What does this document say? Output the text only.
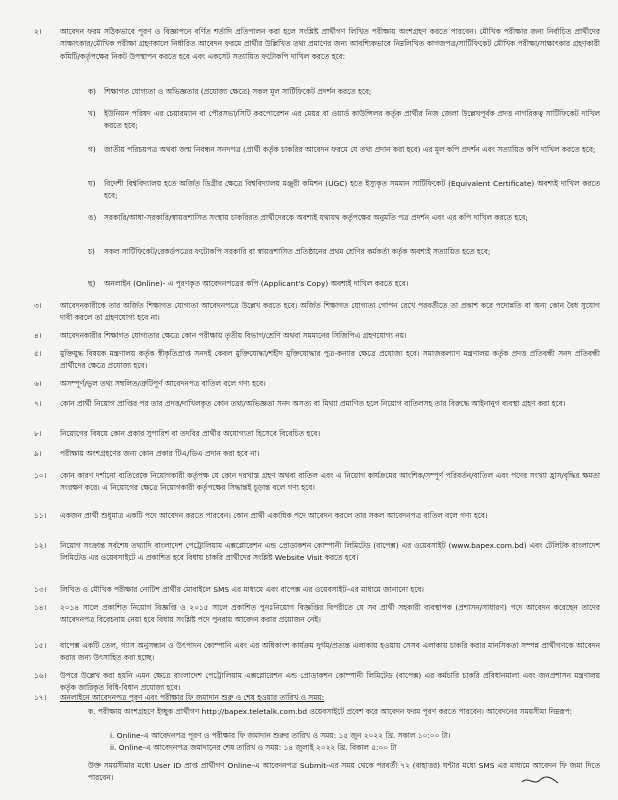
২।	আবেদন ফরম সঠিকভাবে পূরণ ও বিজ্ঞাপনে বর্ণিত শর্তাদি প্রতিপালন করা হলে সংশ্লিষ্ট প্রার্থীগণ লিখিত পরীক্ষায় অংশগ্রহণ করতে পারবেন। মৌখিক পরীক্ষার জন্য নির্বাচিত প্রার্থীদের সাক্ষাৎকার/মৌখিক পরীক্ষা গ্রহণকালে নির্ধারিত আবেদন ফরমে প্রার্থীর উল্লিখিত তথ্য প্রমাণের জন্য আবশ্যিকভাবে নিম্নলিখিত কাগজপত্র/সার্টিফিকেট মৌখিক পরীক্ষা/সাক্ষাৎকার গ্রহণকারী কমিটি/কর্তৃপক্ষের নিকট উপস্থাপন করতে হবে এবং একসেট সত্যায়িত ফটোকপি দাখিল করতে হবে:
ক)	শিক্ষাগত যোগ্যতা ও অভিজ্ঞতার (প্রযোজ্য ক্ষেত্রে) সকল মূল সার্টিফিকেট প্রদর্শন করতে হবে;
খ)	ইউনিয়ন পরিষদ এর চেয়ারম্যান বা পৌরসভা/সিটি করপোরেশন এর মেয়র বা ওয়ার্ড কাউন্সিলর কর্তৃক প্রার্থীর নিজ জেলা উল্লেখপূর্বক প্রদত্ত নাগরিকত্ব সার্টিফিকেট দাখিল করতে হবে;
গ)	জাতীয় পরিচয়পত্র অথবা জন্ম নিবন্ধন সনদপত্র (প্রার্থী কর্তৃক চাকরির আবেদন ফরমে যে তথ্য প্রদান করা হবে) এর মূল কপি প্রদর্শন এবং সত্যায়িত কপি দাখিল করতে হবে;
ঘ)	বিদেশী বিশ্ববিদ্যালয় হতে অর্জিত ডিগ্রীর ক্ষেত্রে বিশ্ববিদ্যালয় মঞ্জুরী কমিশন (UGC) হতে ইস্যুকৃত সমমান সার্টিফিকেট (Equivalent Certificate) অবশ্যই দাখিল করতে হবে;
ঙ)	সরকারি/আধা-সরকারি/স্বায়ত্তশাসিত সংস্থায় চাকরিরত প্রার্থীদেরকে অবশ্যই যথাযথ কর্তৃপক্ষের অনুমতি পত্র প্রদর্শন এবং এর কপি দাখিল করতে হবে;
চ)	সকল সার্টিফিকেট/রেকর্ডপত্রের ফটোকপি সরকারি বা স্বায়ত্তশাসিত প্রতিষ্ঠানের প্রথম শ্রেণির কর্মকর্তা কর্তৃক অবশ্যই সত্যায়িত হতে হবে;
ছ)	অনলাইন (Online)- এ পূরণকৃত আবেদনপত্রের কপি (Applicant's Copy) অবশ্যই দাখিল করতে হবে।
৩।	আবেদনকারীকে তার অর্জিত শিক্ষাগত যোগ্যতা আবেদনপত্রে উল্লেখ করতে হবে। অর্জিত শিক্ষাগত যোগ্যতা গোপন রেখে পরবর্তীতে তা প্রকাশ করে পদোন্নতি বা অন্য কোন বৈধ সুযোগ দাবী করলে তা গ্রহণযোগ্য হবে না।
৪।	আবেদনকারীর শিক্ষাগত যোগ্যতার ক্ষেত্রে কোন পরীক্ষায় তৃতীয় বিভাগ/শ্রেণি অথবা সমমানের সিজিপিএ গ্রহণযোগ্য নয়।
৫।	মুক্তিযুদ্ধ বিষয়ক মন্ত্রণালয় কর্তৃক স্বীকৃতিপ্রাপ্ত সনদই কেবল মুক্তিযোদ্ধা/শহীদ মুক্তিযোদ্ধার পুত্র-কন্যার ক্ষেত্রে প্রযোজ্য হবে। সমাজকল্যাণ মন্ত্রণালয় কর্তৃক প্রদত্ত প্রতিবন্ধী সনদ প্রতিবন্ধী প্রার্থীদের ক্ষেত্রে প্রযোজ্য হবে।
৬।	অসম্পূর্ণ/ভুল তথ্য সম্বলিত/ত্রুটিপূর্ণ আবেদনপত্র বাতিল বলে গণ্য হবে।
৭।	কোন প্রার্থী নিয়োগ প্রাপ্তির পর তার প্রদত্ত/দাখিলকৃত কোন তথ্য/অভিজ্ঞতা সনদ অসত্য বা মিথ্যা প্রমাণিত হলে নিয়োগ বাতিলসহ তার বিরুদ্ধে আইনানুগ ব্যবস্থা গ্রহণ করা হবে।
৮।	নিয়োগের বিষয়ে কোন প্রকার সুপারিশ বা তদবির প্রার্থীর অযোগ্যতা হিসেবে বিবেচিত হবে।
৯।	পরীক্ষায় অংশগ্রহণের জন্য কোন প্রকার টিএ/ডিএ প্রদান করা হবে না।
১০।	কোন কারণ দর্শানো ব্যতিরেকে নিয়োগকারী কর্তৃপক্ষ যে কোন দরখাস্ত গ্রহণ অথবা বাতিল এবং এ নিয়োগ কার্যক্রমের আংশিক/সম্পূর্ণ পরিবর্তন/বাতিল এবং পদের সংখ্যা হ্রাস/বৃদ্ধির ক্ষমতা সংরক্ষণ করে। এ নিয়োগের ক্ষেত্রে নিয়োগকারী কর্তৃপক্ষের সিদ্ধান্তই চূড়ান্ত বলে গণ্য হবে।
১১।	একজন প্রার্থী শুধুমাত্র একটি পদে আবেদন করতে পারবেন। কোন প্রার্থী একাধিক পদে আবেদন করলে তার সকল আবেদনপত্র বাতিল বলে গণ্য হবে।
১২।	নিয়োগ সংক্রান্ত সর্বশেষ তথ্যাদি বাংলাদেশ পেট্রোলিয়াম এক্সপ্লোরেশন এন্ড প্রোডাকশন কোম্পানী লিমিটেড (বাপেক্স) এর ওয়েবসাইট (www.bapex.com.bd) এবং টেলিটক বাংলাদেশ লিমিটেড এর ওয়েবসাইটে এ প্রকাশিত হবে বিধায় চাকরি প্রার্থীদের সংশ্লিষ্ট Website Visit করতে হবে।
১৩।	লিখিত ও মৌখিক পরীক্ষার নোটিশ প্রার্থীর মোবাইলে SMS এর মাধ্যমে এবং বাপেক্স এর ওয়েবসাইট-এর মাধ্যমে জানানো হবে।
১৪।	২০১৪ সালে প্রকাশিত নিয়োগ বিজ্ঞপ্তি ও ২০১৫ সালে প্রকাশিত পুনঃনিয়োগ বিজ্ঞপ্তির বিপরীতে যে সব প্রার্থী সহকারী ব্যবস্থাপক (প্রশাসন/সাধারণ) পদে আবেদন করেছেন তাদের আবেদনপত্র বিবেচনায় নেয়া হবে বিধায় সংশ্লিষ্ট পদে পুনরায় আবেদন করার প্রয়োজন নেই।
১৫।	বাপেক্স একটি তেল, গ্যাস অনুসন্ধান ও উৎপাদন কোম্পানি এবং এর অধিকাংশ কার্যক্রম দুর্গম/প্রত্যন্ত এলাকায় হওয়ায় সেসব এলাকায় চাকরি করার মানসিকতা সম্পন্ন প্রার্থীগণকে আবেদন করার জন্য উৎসাহিত করা হচ্ছে।
১৬।	উপরে উল্লেখ করা হয়নি এমন ক্ষেত্রে বাংলাদেশ পেট্রোলিয়াম এক্সপ্লোরেশন এন্ড প্রোডাকশন কোম্পানী লিমিটেড (বাপেক্স) এর কর্মচারি চাকরি প্রবিধানমালা এবং জনপ্রশাসন মন্ত্রণালয় কর্তৃক জারিকৃত বিধি-বিধান প্রযোজ্য হবে।
১৭।	অনলাইনে আবেদনপত্র পূরণ এবং পরীক্ষার ফি জমাদান শুরু ও শেষ হওয়ার তারিখ ও সময়:
ক. পরীক্ষায় অংশগ্রহণে ইচ্ছুক প্রার্থীগণ http://bapex.teletalk.com.bd ওয়েবসাইটে প্রবেশ করে আবেদন ফরম পূরণ করতে পারবেন। আবেদনের সময়সীমা নিম্নরূপ:
i. Online-এ আবেদনপত্র পূরণ ও পরীক্ষার ফি জমাদান শুরুর তারিখ ও সময়: ১৫ জুন ২০২২ খ্রি. সকাল ১০:০০ টা।
ii. Online-এ আবেদনপত্র জমাদানের শেষ তারিখ ও সময়: ১৪ জুলাই ২০২২ খ্রি. বিকাল ৫:০০ টা
উক্ত সময়সীমার মধ্যে User ID প্রাপ্ত প্রার্থীগণ Online-এ আবেদনপত্র Submit-এর সময় থেকে পরবর্তী ৭২ (বাহাত্তর) ঘন্টার মধ্যে SMS এর মাধ্যমে আবেদন ফি জমা দিতে পারবেন।
